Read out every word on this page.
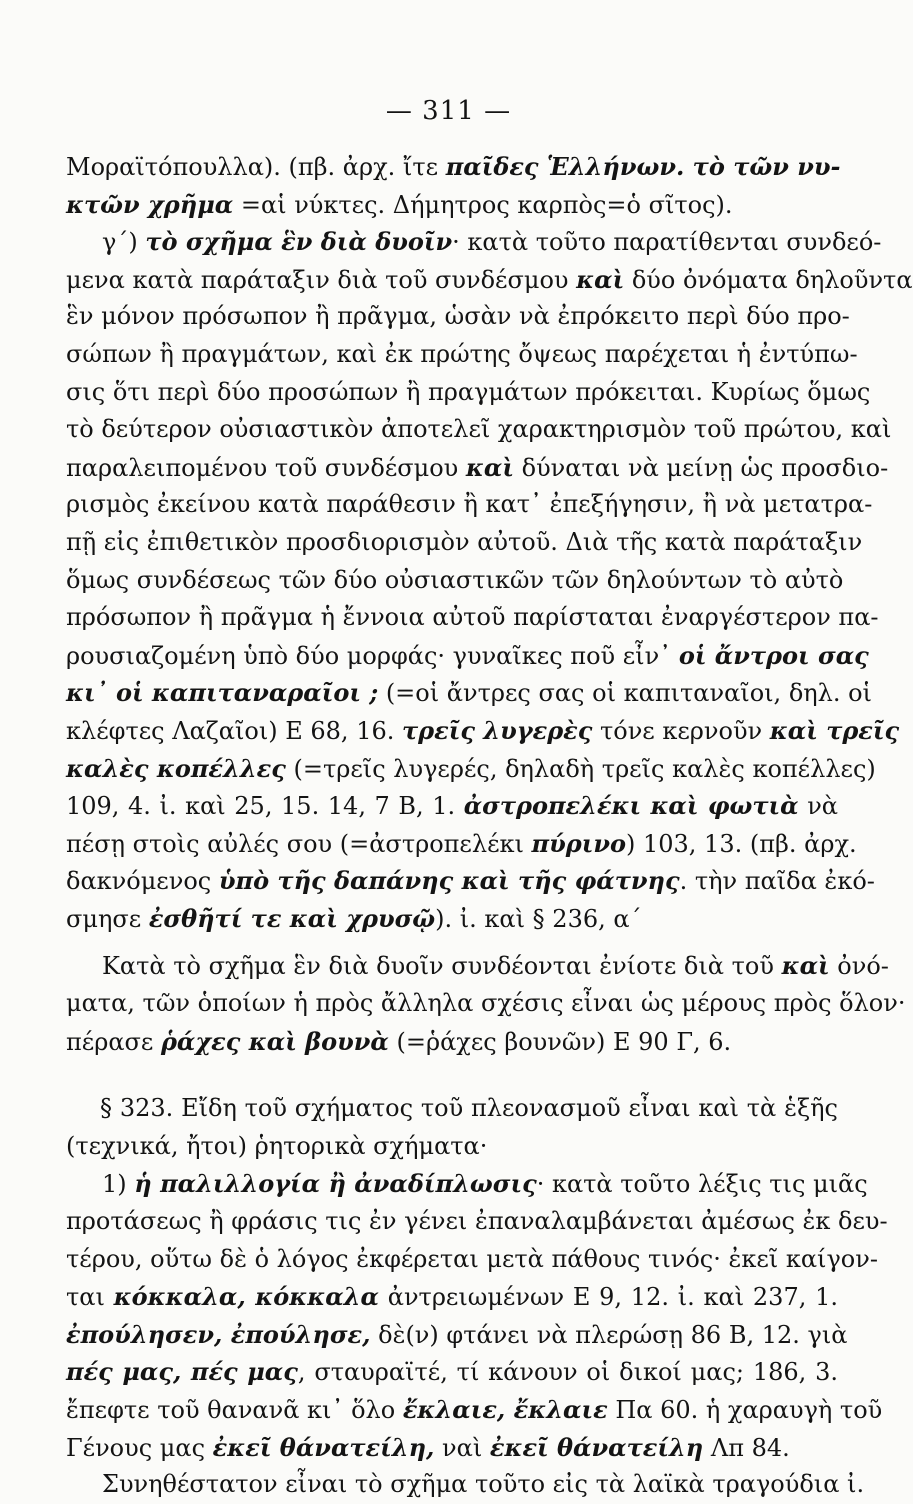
— 311 —
Μοραϊτόπουλλα). (πβ. ἀρχ. ἴτε παῖδες Ἑλλήνων. τὸ τῶν νυ-
κτῶν χρῆμα =αἱ νύκτες. Δήμητρος καρπὸς=ὁ σῖτος).
γ΄) τὸ σχῆμα ἓν διὰ δυοῖν· κατὰ τοῦτο παρατίθενται συνδεό-
μενα κατὰ παράταξιν διὰ τοῦ συνδέσμου καὶ δύο ὀνόματα δηλοῦντα
ἓν μόνον πρόσωπον ἢ πρᾶγμα, ὡσὰν νὰ ἐπρόκειτο περὶ δύο προ-
σώπων ἢ πραγμάτων, καὶ ἐκ πρώτης ὄψεως παρέχεται ἡ ἐντύπω-
σις ὅτι περὶ δύο προσώπων ἢ πραγμάτων πρόκειται. Κυρίως ὅμως
τὸ δεύτερον οὐσιαστικὸν ἀποτελεῖ χαρακτηρισμὸν τοῦ πρώτου, καὶ
παραλειπομένου τοῦ συνδέσμου καὶ δύναται νὰ μείνῃ ὡς προσδιο-
ρισμὸς ἐκείνου κατὰ παράθεσιν ἢ κατ᾿ ἐπεξήγησιν, ἢ νὰ μετατρα-
πῇ εἰς ἐπιθετικὸν προσδιορισμὸν αὐτοῦ. Διὰ τῆς κατὰ παράταξιν
ὅμως συνδέσεως τῶν δύο οὐσιαστικῶν τῶν δηλούντων τὸ αὐτὸ
πρόσωπον ἢ πρᾶγμα ἡ ἔννοια αὐτοῦ παρίσταται ἐναργέστερον πα-
ρουσιαζομένη ὑπὸ δύο μορφάς· γυναῖκες ποῦ εἶν᾿ οἱ ἄντροι σας
κι᾿ οἱ καπιταναραῖοι ; (=οἱ ἄντρες σας οἱ καπιταναῖοι, δηλ. οἱ
κλέφτες Λαζαῖοι) Ε 68, 16. τρεῖς λυγερὲς τόνε κερνοῦν καὶ τρεῖς
καλὲς κοπέλλες (=τρεῖς λυγερές, δηλαδὴ τρεῖς καλὲς κοπέλλες)
109, 4. ἰ. καὶ 25, 15. 14, 7 Β, 1. ἀστροπελέκι καὶ φωτιὰ νὰ
πέσῃ στοὶς αὐλές σου (=ἀστροπελέκι πύρινο) 103, 13. (πβ. ἀρχ.
δακνόμενος ὑπὸ τῆς δαπάνης καὶ τῆς φάτνης. τὴν παῖδα ἐκό-
σμησε ἐσθῆτί τε καὶ χρυσῷ). ἰ. καὶ § 236, α΄
Κατὰ τὸ σχῆμα ἓν διὰ δυοῖν συνδέονται ἐνίοτε διὰ τοῦ καὶ ὀνό-
ματα, τῶν ὁποίων ἡ πρὸς ἄλληλα σχέσις εἶναι ὡς μέρους πρὸς ὅλον·
πέρασε ῥάχες καὶ βουνὰ (=ῥάχες βουνῶν) Ε 90 Γ, 6.
§ 323. Εἴδη τοῦ σχήματος τοῦ πλεονασμοῦ εἶναι καὶ τὰ ἑξῆς
(τεχνικά, ἤτοι) ῥητορικὰ σχήματα·
1) ἡ παλιλλογία ἢ ἀναδίπλωσις· κατὰ τοῦτο λέξις τις μιᾶς
προτάσεως ἢ φράσις τις ἐν γένει ἐπαναλαμβάνεται ἀμέσως ἐκ δευ-
τέρου, οὕτω δὲ ὁ λόγος ἐκφέρεται μετὰ πάθους τινός· ἐκεῖ καίγον-
ται κόκκαλα, κόκκαλα ἀντρειωμένων Ε 9, 12. ἰ. καὶ 237, 1.
ἐπούλησεν, ἐπούλησε, δὲ(ν) φτάνει νὰ πλερώσῃ 86 Β, 12. γιὰ
πές μας, πές μας, σταυραϊτέ, τί κάνουν οἱ δικοί μας; 186, 3.
ἔπεφτε τοῦ θανανᾶ κι᾿ ὅλο ἔκλαιε, ἔκλαιε Πα 60. ἡ χαραυγὴ τοῦ
Γένους μας ἐκεῖ θάνατείλη, ναὶ ἐκεῖ θάνατείλη Λπ 84.
Συνηθέστατον εἶναι τὸ σχῆμα τοῦτο εἰς τὰ λαϊκὰ τραγούδια ἰ.
